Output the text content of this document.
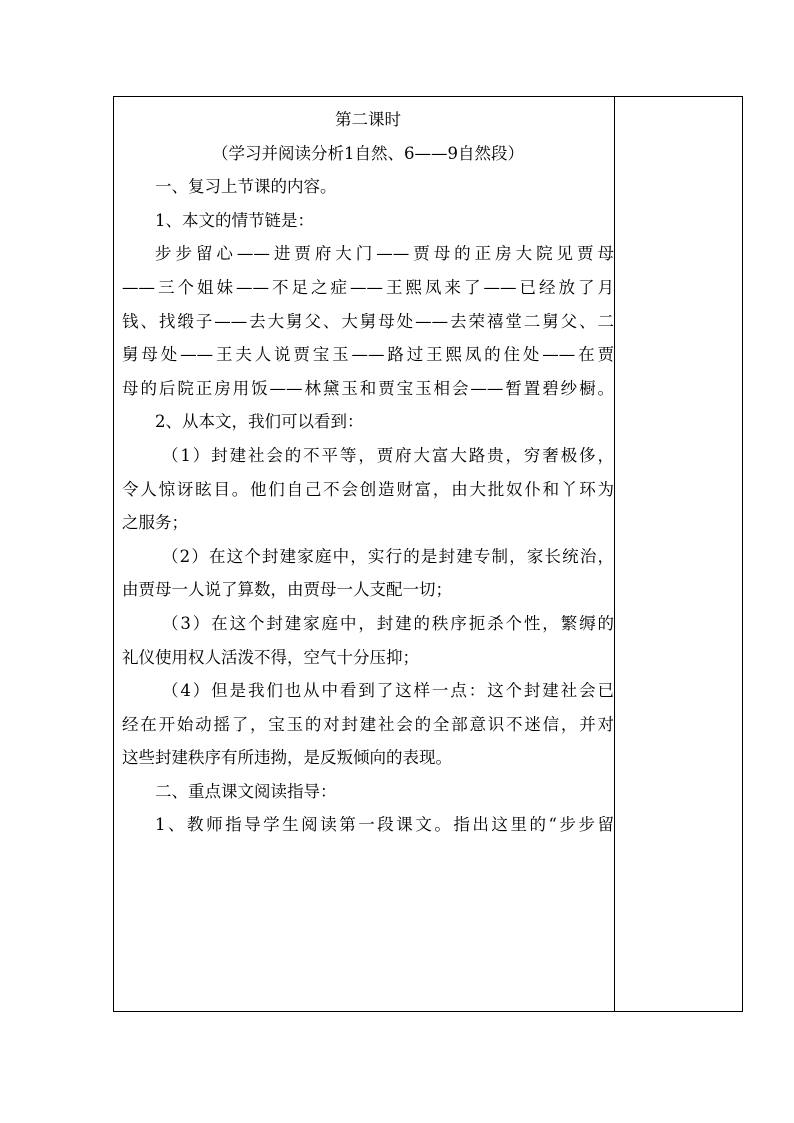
第二课时
（学习并阅读分析1自然、6——9自然段）
一、复习上节课的内容。
1、本文的情节链是：
步步留心——进贾府大门——贾母的正房大院见贾母
——三个姐妹——不足之症——王熙凤来了——已经放了月
钱、找缎子——去大舅父、大舅母处——去荣禧堂二舅父、二
舅母处——王夫人说贾宝玉——路过王熙凤的住处——在贾
母的后院正房用饭——林黛玉和贾宝玉相会——暂置碧纱橱。
2、从本文，我们可以看到：
（1）封建社会的不平等，贾府大富大路贵，穷奢极侈，
令人惊讶眩目。他们自己不会创造财富，由大批奴仆和丫环为
之服务；
（2）在这个封建家庭中，实行的是封建专制，家长统治，
由贾母一人说了算数，由贾母一人支配一切；
（3）在这个封建家庭中，封建的秩序扼杀个性，繁缛的
礼仪使用权人活泼不得，空气十分压抑；
（4）但是我们也从中看到了这样一点：这个封建社会已
经在开始动摇了，宝玉的对封建社会的全部意识不迷信，并对
这些封建秩序有所违拗，是反叛倾向的表现。
二、重点课文阅读指导：
1、教师指导学生阅读第一段课文。指出这里的“步步留
